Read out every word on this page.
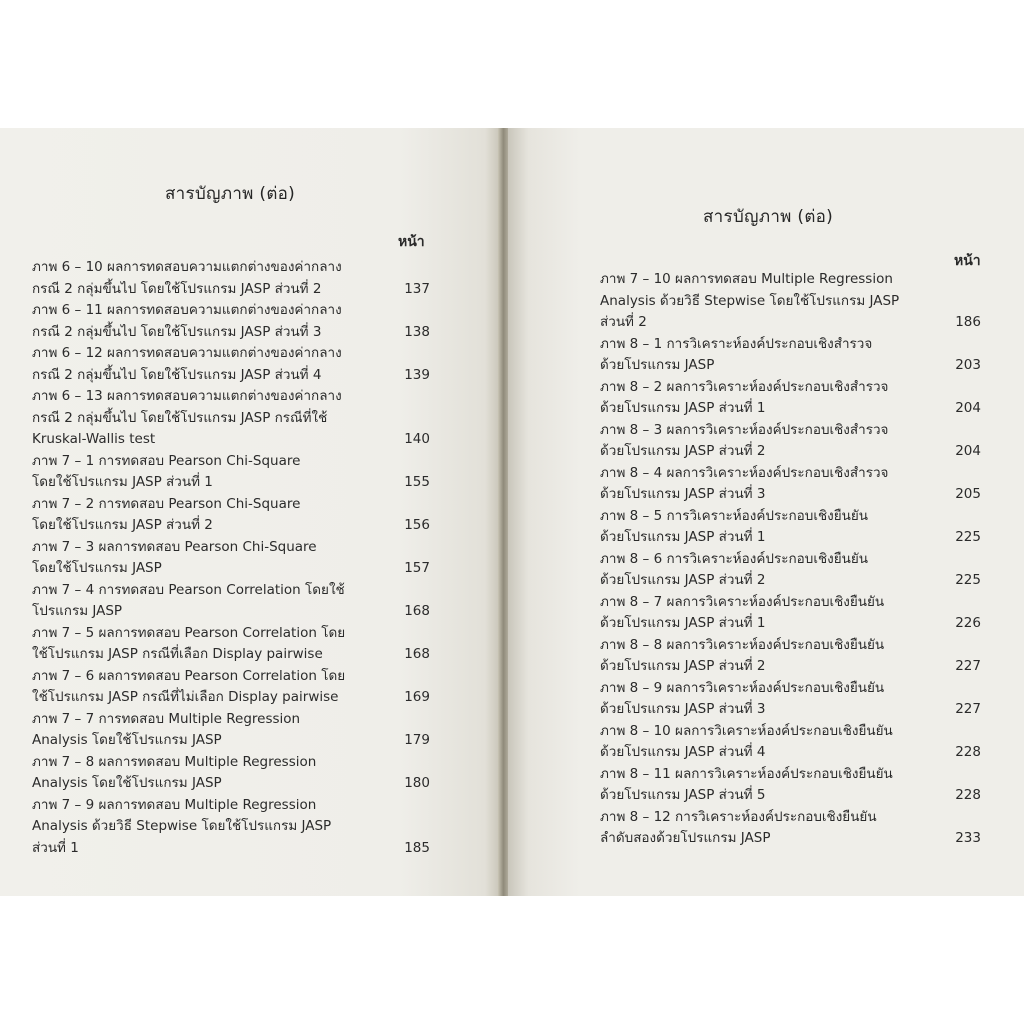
สารบัญภาพ (ต่อ)
หน้า
ภาพ 6 – 10 ผลการทดสอบความแตกต่างของค่ากลาง
กรณี 2 กลุ่มขึ้นไป โดยใช้โปรแกรม JASP ส่วนที่ 2	137
ภาพ 6 – 11 ผลการทดสอบความแตกต่างของค่ากลาง
กรณี 2 กลุ่มขึ้นไป โดยใช้โปรแกรม JASP ส่วนที่ 3	138
ภาพ 6 – 12 ผลการทดสอบความแตกต่างของค่ากลาง
กรณี 2 กลุ่มขึ้นไป โดยใช้โปรแกรม JASP ส่วนที่ 4	139
ภาพ 6 – 13 ผลการทดสอบความแตกต่างของค่ากลาง
กรณี 2 กลุ่มขึ้นไป โดยใช้โปรแกรม JASP กรณีที่ใช้
Kruskal-Wallis test	140
ภาพ 7 – 1 การทดสอบ Pearson Chi-Square
โดยใช้โปรแกรม JASP ส่วนที่ 1	155
ภาพ 7 – 2 การทดสอบ Pearson Chi-Square
โดยใช้โปรแกรม JASP ส่วนที่ 2	156
ภาพ 7 – 3 ผลการทดสอบ Pearson Chi-Square
โดยใช้โปรแกรม JASP	157
ภาพ 7 – 4 การทดสอบ Pearson Correlation โดยใช้
โปรแกรม JASP	168
ภาพ 7 – 5 ผลการทดสอบ Pearson Correlation โดย
ใช้โปรแกรม JASP กรณีที่เลือก Display pairwise	168
ภาพ 7 – 6 ผลการทดสอบ Pearson Correlation โดย
ใช้โปรแกรม JASP กรณีที่ไม่เลือก Display pairwise	169
ภาพ 7 – 7 การทดสอบ Multiple Regression
Analysis โดยใช้โปรแกรม JASP	179
ภาพ 7 – 8 ผลการทดสอบ Multiple Regression
Analysis โดยใช้โปรแกรม JASP	180
ภาพ 7 – 9 ผลการทดสอบ Multiple Regression
Analysis ด้วยวิธี Stepwise โดยใช้โปรแกรม JASP
ส่วนที่ 1	185
สารบัญภาพ (ต่อ)
หน้า
ภาพ 7 – 10 ผลการทดสอบ Multiple Regression
Analysis ด้วยวิธี Stepwise โดยใช้โปรแกรม JASP
ส่วนที่ 2	186
ภาพ 8 – 1 การวิเคราะห์องค์ประกอบเชิงสำรวจ
ด้วยโปรแกรม JASP	203
ภาพ 8 – 2 ผลการวิเคราะห์องค์ประกอบเชิงสำรวจ
ด้วยโปรแกรม JASP ส่วนที่ 1	204
ภาพ 8 – 3 ผลการวิเคราะห์องค์ประกอบเชิงสำรวจ
ด้วยโปรแกรม JASP ส่วนที่ 2	204
ภาพ 8 – 4 ผลการวิเคราะห์องค์ประกอบเชิงสำรวจ
ด้วยโปรแกรม JASP ส่วนที่ 3	205
ภาพ 8 – 5 การวิเคราะห์องค์ประกอบเชิงยืนยัน
ด้วยโปรแกรม JASP ส่วนที่ 1	225
ภาพ 8 – 6 การวิเคราะห์องค์ประกอบเชิงยืนยัน
ด้วยโปรแกรม JASP ส่วนที่ 2	225
ภาพ 8 – 7 ผลการวิเคราะห์องค์ประกอบเชิงยืนยัน
ด้วยโปรแกรม JASP ส่วนที่ 1	226
ภาพ 8 – 8 ผลการวิเคราะห์องค์ประกอบเชิงยืนยัน
ด้วยโปรแกรม JASP ส่วนที่ 2	227
ภาพ 8 – 9 ผลการวิเคราะห์องค์ประกอบเชิงยืนยัน
ด้วยโปรแกรม JASP ส่วนที่ 3	227
ภาพ 8 – 10 ผลการวิเคราะห์องค์ประกอบเชิงยืนยัน
ด้วยโปรแกรม JASP ส่วนที่ 4	228
ภาพ 8 – 11 ผลการวิเคราะห์องค์ประกอบเชิงยืนยัน
ด้วยโปรแกรม JASP ส่วนที่ 5	228
ภาพ 8 – 12 การวิเคราะห์องค์ประกอบเชิงยืนยัน
ลำดับสองด้วยโปรแกรม JASP	233
